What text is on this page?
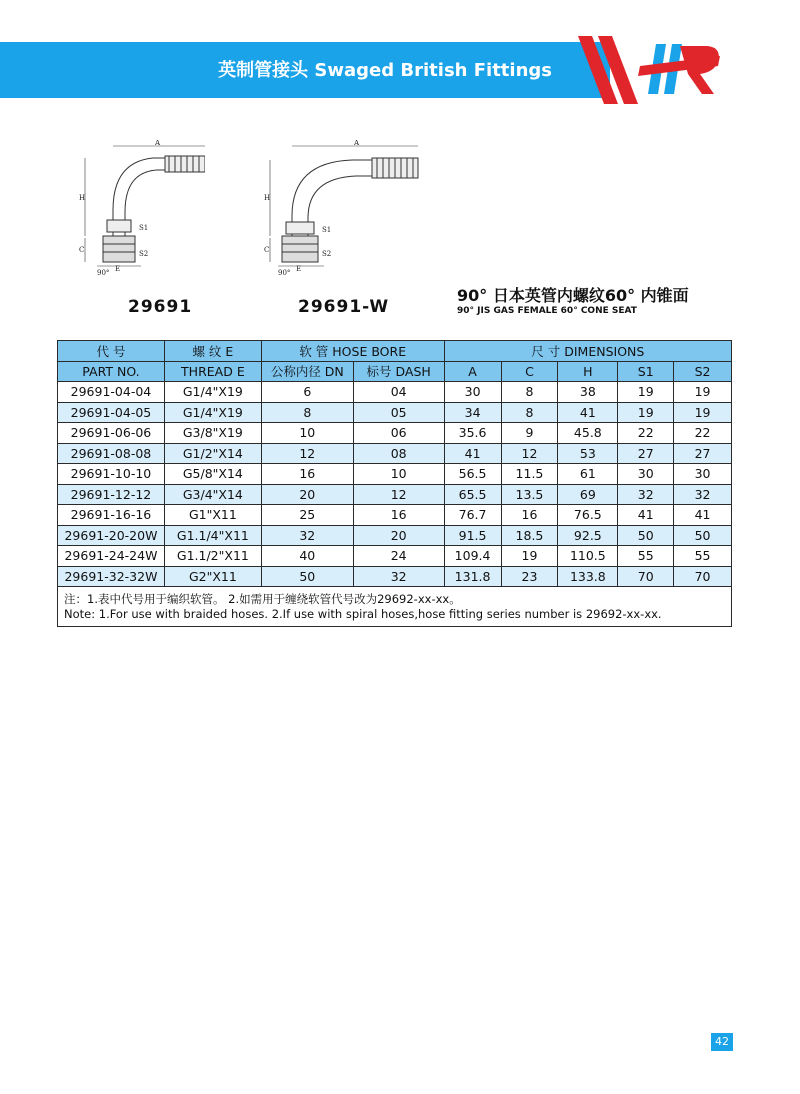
英制管接头 Swaged British Fittings
A
H
S1
C	S2
E
90°
29691
A
H
S1
C	S2
E
90°
29691-W
90° 日本英管内螺纹60° 内锥面
90° JIS GAS FEMALE 60° CONE SEAT
代 号	螺 纹 E	软 管 HOSE BORE		尺 寸 DIMENSIONS				
PART NO.	THREAD E	公称内径 DN	标号 DASH	A	C	H	S1	S2
29691-04-04	G1/4"X19	6	04	30	8	38	19	19
29691-04-05	G1/4"X19	8	05	34	8	41	19	19
29691-06-06	G3/8"X19	10	06	35.6	9	45.8	22	22
29691-08-08	G1/2"X14	12	08	41	12	53	27	27
29691-10-10	G5/8"X14	16	10	56.5	11.5	61	30	30
29691-12-12	G3/4"X14	20	12	65.5	13.5	69	32	32
29691-16-16	G1"X11	25	16	76.7	16	76.5	41	41
29691-20-20W	G1.1/4"X11	32	20	91.5	18.5	92.5	50	50
29691-24-24W	G1.1/2"X11	40	24	109.4	19	110.5	55	55
29691-32-32W	G2"X11	50	32	131.8	23	133.8	70	70

注：1.表中代号用于编织软管。 2.如需用于缠绕软管代号改为29692-xx-xx。
Note: 1.For use with braided hoses. 2.If use with spiral hoses,hose fitting series number is 29692-xx-xx.								
42
